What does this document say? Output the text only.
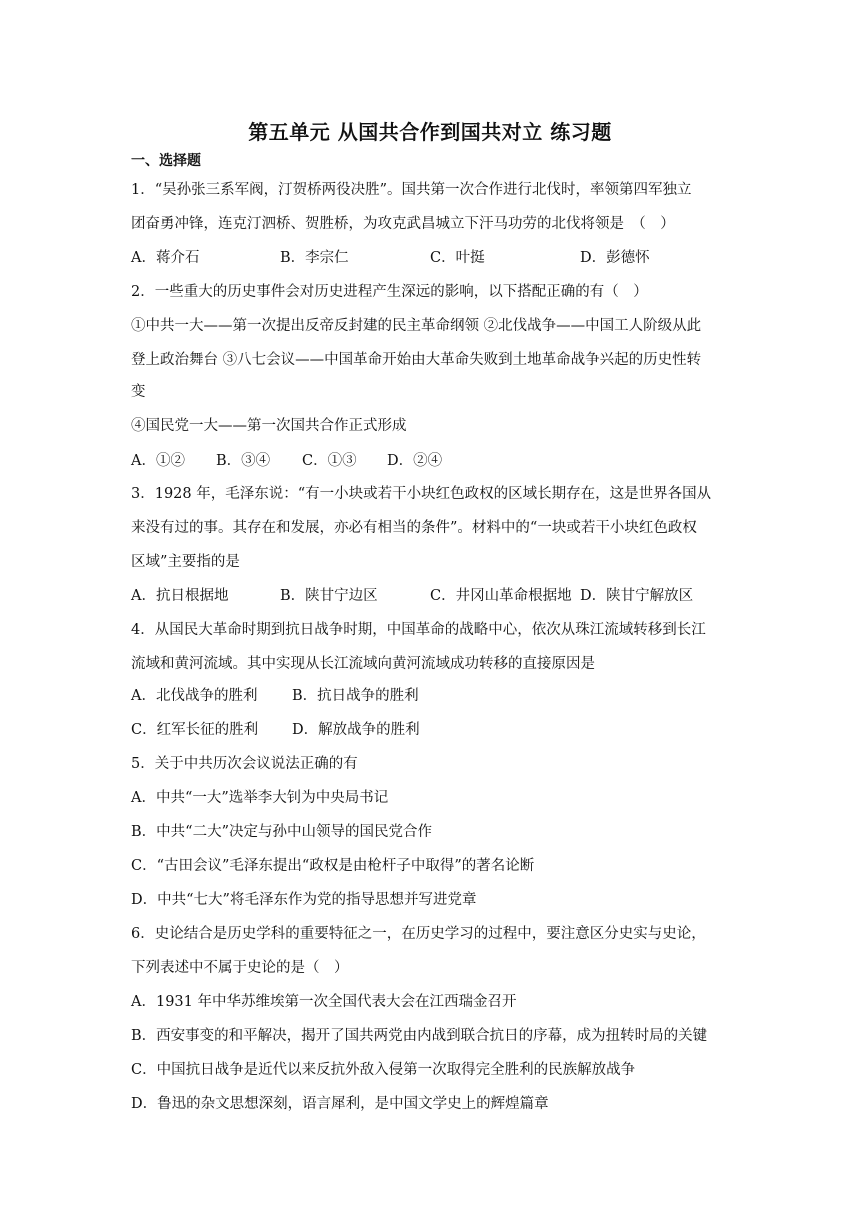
第五单元 从国共合作到国共对立 练习题
一、选择题
1．“吴孙张三系军阀，汀贺桥两役决胜”。国共第一次合作进行北伐时，率领第四军独立
团奋勇冲锋，连克汀泗桥、贺胜桥，为攻克武昌城立下汗马功劳的北伐将领是　（　）
A．蒋介石	B．李宗仁	C．叶挺	D．彭德怀
2．一些重大的历史事件会对历史进程产生深远的影响，以下搭配正确的有（　）
①中共一大——第一次提出反帝反封建的民主革命纲领 ②北伐战争——中国工人阶级从此
登上政治舞台 ③八七会议——中国革命开始由大革命失败到土地革命战争兴起的历史性转
变
④国民党一大——第一次国共合作正式形成
A．①② B．③④ C．①③ D．②④
3．1928 年，毛泽东说：“有一小块或若干小块红色政权的区域长期存在，这是世界各国从
来没有过的事。其存在和发展，亦必有相当的条件”。材料中的“一块或若干小块红色政权
区域”主要指的是
A．抗日根据地	B．陕甘宁边区	C．井冈山革命根据地 D．陕甘宁解放区
4．从国民大革命时期到抗日战争时期，中国革命的战略中心，依次从珠江流域转移到长江
流域和黄河流域。其中实现从长江流域向黄河流域成功转移的直接原因是
A．北伐战争的胜利 B．抗日战争的胜利
C．红军长征的胜利 D．解放战争的胜利
5．关于中共历次会议说法正确的有
A．中共“一大”选举李大钊为中央局书记
B．中共“二大”决定与孙中山领导的国民党合作
C．“古田会议”毛泽东提出“政权是由枪杆子中取得”的著名论断
D．中共“七大”将毛泽东作为党的指导思想并写进党章
6．史论结合是历史学科的重要特征之一，在历史学习的过程中，要注意区分史实与史论，
下列表述中不属于史论的是（　）
A．1931 年中华苏维埃第一次全国代表大会在江西瑞金召开
B．西安事变的和平解决，揭开了国共两党由内战到联合抗日的序幕，成为扭转时局的关键
C．中国抗日战争是近代以来反抗外敌入侵第一次取得完全胜利的民族解放战争
D．鲁迅的杂文思想深刻，语言犀利，是中国文学史上的辉煌篇章
